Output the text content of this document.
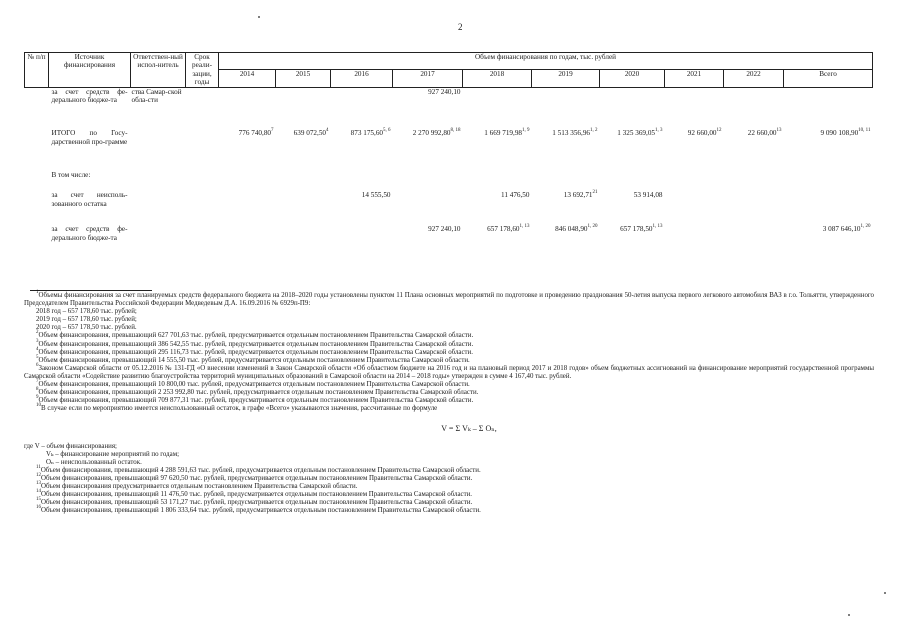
2
№ п/п	Источник финансирования	Ответствен-ный испол-нитель	Срок реали-зации, годы	Объем финансирования по годам, тыс. рублей									
				2014	2015	2016	2017	2018	2019	2020	2021	2022	Всего
	за счет средств фе-дерального бюджe-та	ства Самар-ской обла-сти					927 240,10						
	ИТОГО по Госу-дарственной про-грамме			776 740,80$^7$	639 072,50$^4$	873 175,60$^{5, 6}$	2 270 992,80$^{8, 18}$	1 669 719,98$^{1, 9}$	1 513 356,96$^{1, 2}$	1 325 369,05$^{1, 3}$	92 660,00$^{12}$	22 660,00$^{13}$	9 090 108,90$^{10, 11}$
	В том числе:												
	за счет неисполь-зованного остатка					14 555,50		11 476,50	13 692,71$^{21}$	53 914,08			
	за счет средств фе-дерального бюджe-та						927 240,10	657 178,60$^{1, 13}$	846 048,90$^{1, 20}$	657 178,50$^{1, 13}$			3 087 646,10$^{1, 20}$
$^1$Объемы финансирования за счет планируемых средств федерального бюджета на 2018–2020 годы установлены пунктом 11 Плана основных мероприятий по подготовке и проведению празднования 50-летия выпуска первого легкового автомобиля ВАЗ в г.о. Тольятти, утвержденного Председателем Правительства Российской Федерации Медведевым Д.А. 16.09.2016 № 6929п-П9:
2018 год – 657 178,60 тыс. рублей;
2019 год – 657 178,60 тыс. рублей;
2020 год – 657 178,50 тыс. рублей.
$^2$Объем финансирования, превышающий 627 701,63 тыс. рублей, предусматривается отдельным постановлением Правительства Самарской области.
$^3$Объем финансирования, превышающий 386 542,55 тыс. рублей, предусматривается отдельным постановлением Правительства Самарской области.
$^4$Объем финансирования, превышающий 295 116,73 тыс. рублей, предусматривается отдельным постановлением Правительства Самарской области.
$^5$Объем финансирования, превышающий 14 555,50 тыс. рублей, предусматривается отдельным постановлением Правительства Самарской области.
$^6$Законом Самарской области от 05.12.2016 № 131-ГД «О внесении изменений в Закон Самарской области «Об областном бюджете на 2016 год и на плановый период 2017 и 2018 годов» объем бюджетных ассигнований на финансирование мероприятий государственной программы Самарской области «Содействие развитию благоустройства территорий муниципальных образований в Самарской области на 2014 – 2018 годы» утвержден в сумме 4 167,40 тыс. рублей.
$^7$Объем финансирования, превышающий 10 800,00 тыс. рублей, предусматривается отдельным постановлением Правительства Самарской области.
$^8$Объем финансирования, превышающий 2 253 992,80 тыс. рублей, предусматривается отдельным постановлением Правительства Самарской области.
$^9$Объем финансирования, превышающий 709 877,31 тыс. рублей, предусматривается отдельным постановлением Правительства Самарской области.
$^{10}$В случае если по мероприятию имеется неиспользованный остаток, в графе «Всего» указываются значения, рассчитанные по формуле
V = Σ Vₖ – Σ Oₙ,
где V – объем финансирования;
Vₖ – финансирование мероприятий по годам;
Oₙ – неиспользованный остаток.
$^{11}$Объем финансирования, превышающий 4 288 591,63 тыс. рублей, предусматривается отдельным постановлением Правительства Самарской области.
$^{12}$Объем финансирования, превышающий 97 620,50 тыс. рублей, предусматривается отдельным постановлением Правительства Самарской области.
$^{13}$Объем финансирования предусматривается отдельным постановлением Правительства Самарской области.
$^{14}$Объем финансирования, превышающий 11 476,50 тыс. рублей, предусматривается отдельным постановлением Правительства Самарской области.
$^{15}$Объем финансирования, превышающий 53 171,27 тыс. рублей, предусматривается отдельным постановлением Правительства Самарской области.
$^{16}$Объем финансирования, превышающий 1 806 333,64 тыс. рублей, предусматривается отдельным постановлением Правительства Самарской области.
